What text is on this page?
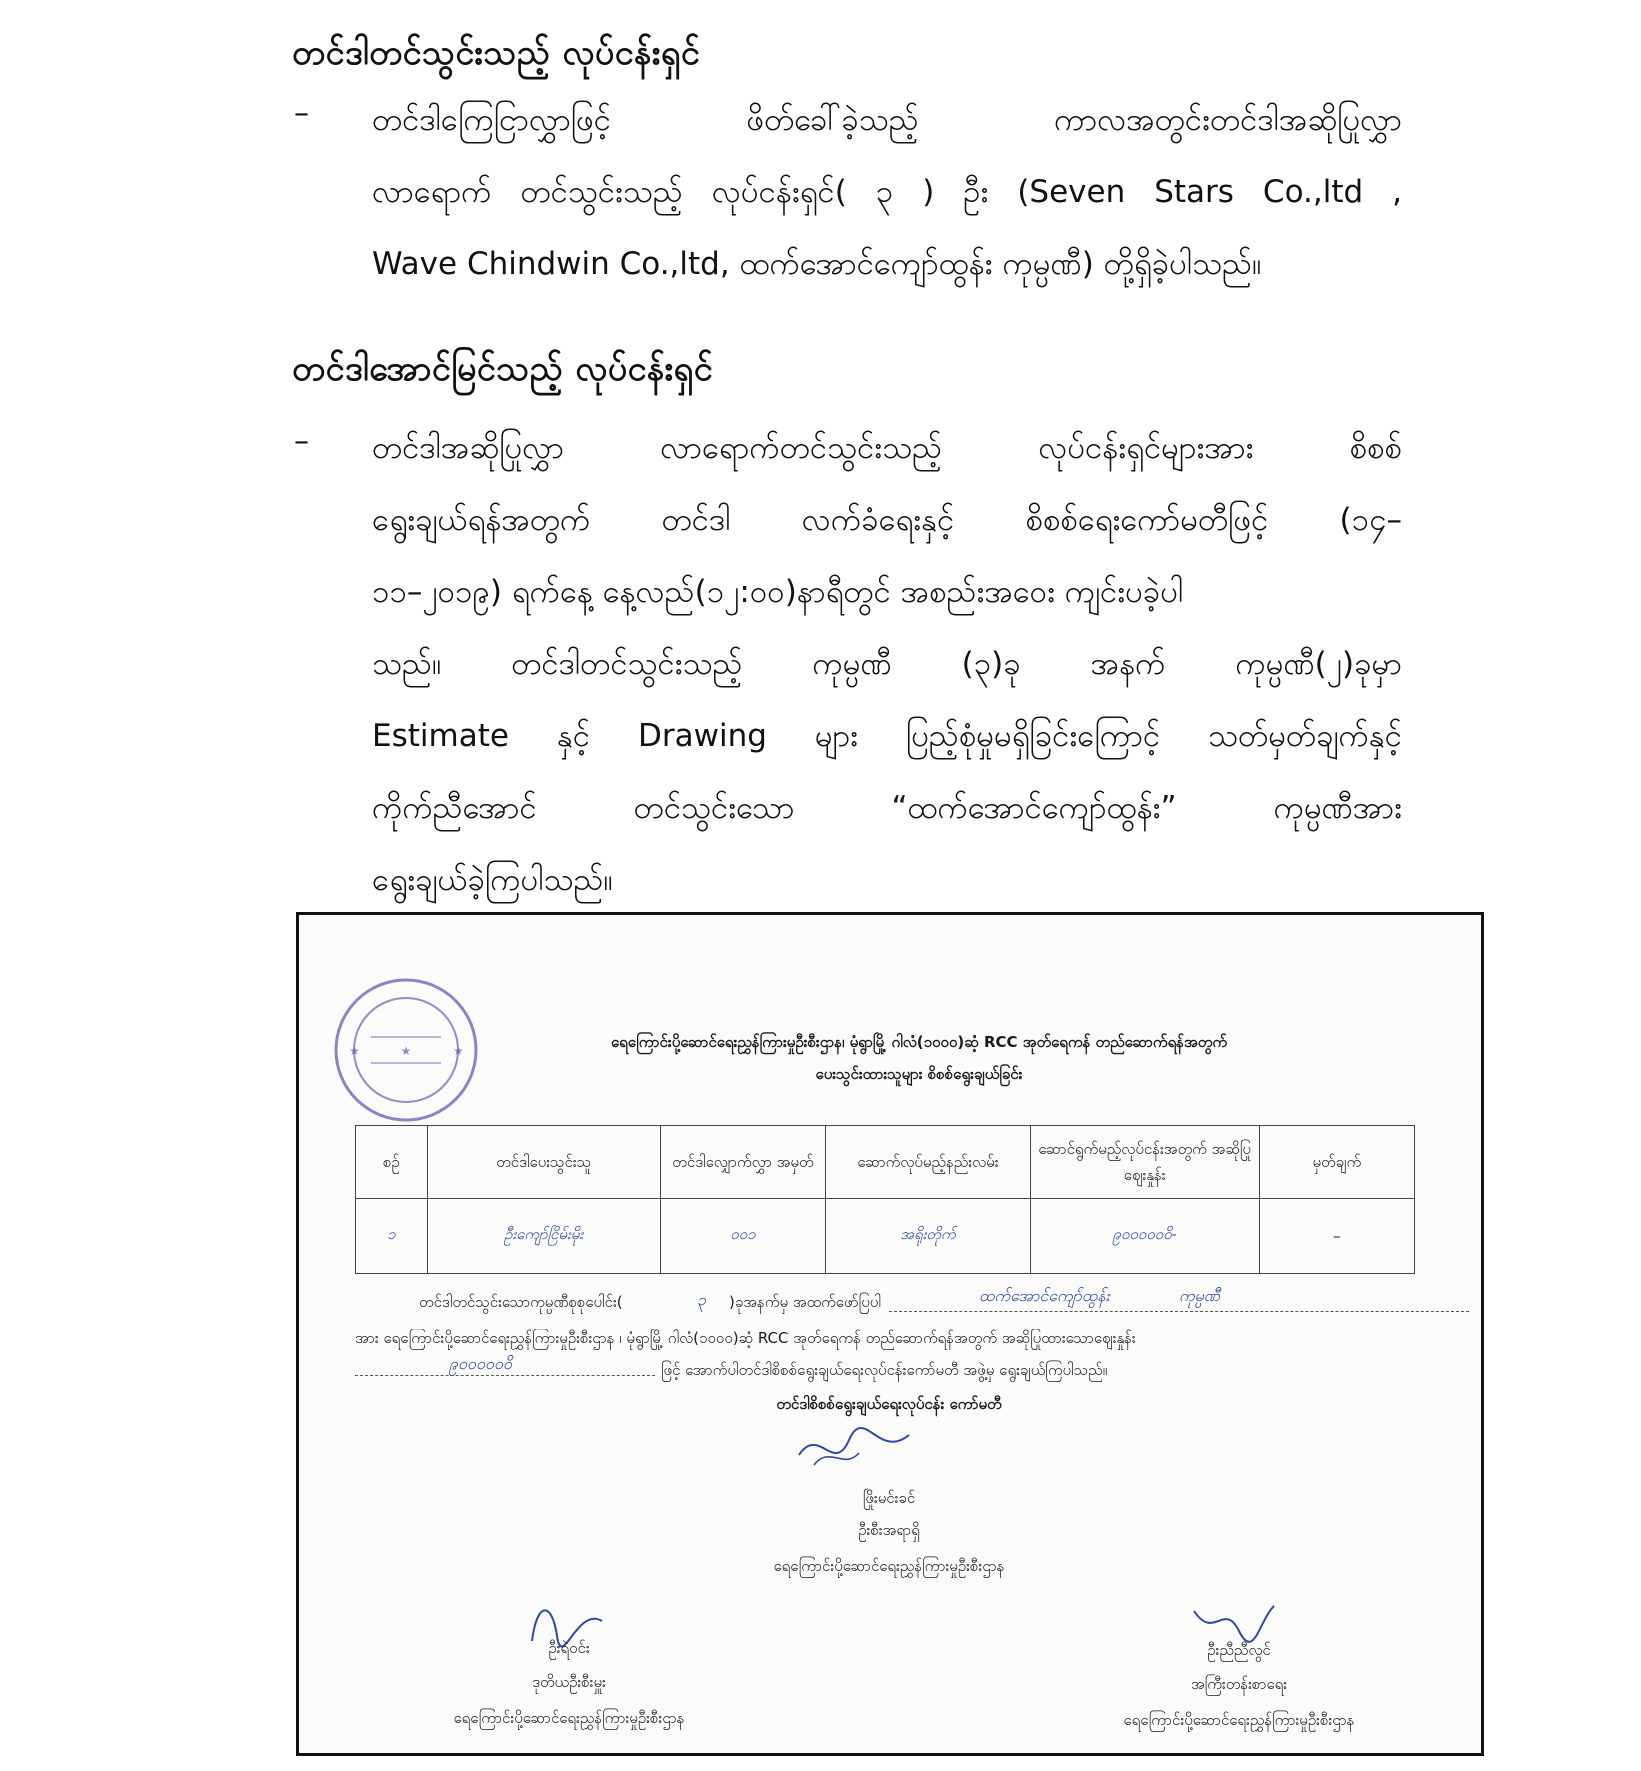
တင်ဒါတင်သွင်းသည့် လုပ်ငန်းရှင်
– တင်ဒါကြေငြာလွှာဖြင့် ဖိတ်ခေါ်ခဲ့သည့် ကာလအတွင်းတင်ဒါအဆိုပြုလွှာ
လာရောက် တင်သွင်းသည့် လုပ်ငန်းရှင်( ၃ ) ဦး (Seven Stars Co.,ltd ,
Wave Chindwin Co.,ltd, ထက်အောင်ကျော်ထွန်း ကုမ္ပဏီ) တို့ရှိခဲ့ပါသည်။
တင်ဒါအောင်မြင်သည့် လုပ်ငန်းရှင်
– တင်ဒါအဆိုပြုလွှာ လာရောက်တင်သွင်းသည့် လုပ်ငန်းရှင်များအား စိစစ်
ရွေးချယ်ရန်အတွက် တင်ဒါ လက်ခံရေးနှင့် စိစစ်ရေးကော်မတီဖြင့် (၁၄–
၁၁–၂၀၁၉) ရက်နေ့ နေ့လည်(၁၂:၀၀)နာရီတွင် အစည်းအဝေး ကျင်းပခဲ့ပါ
သည်။ တင်ဒါတင်သွင်းသည့် ကုမ္ပဏီ (၃)ခု အနက် ကုမ္ပဏီ(၂)ခုမှာ
Estimate နှင့် Drawing များ ပြည့်စုံမှုမရှိခြင်းကြောင့် သတ်မှတ်ချက်နှင့်
ကိုက်ညီအောင် တင်သွင်းသော “ထက်အောင်ကျော်ထွန်း” ကုမ္ပဏီအား
ရွေးချယ်ခဲ့ကြပါသည်။
★
★	★	ရေကြောင်းပို့ဆောင်ရေးညွှန်ကြားမှုဦးစီးဌာန၊ မုံရွာမြို့ ဂါလံ(၁၀၀၀)ဆံ့ RCC အုတ်ရေကန် တည်ဆောက်ရန်အတွက်
ပေးသွင်းထားသူများ စိစစ်ရွေးချယ်ခြင်း
စဉ်	တင်ဒါပေးသွင်းသူ	တင်ဒါလျှောက်လွှာ အမှတ်	ဆောက်လုပ်မည့်နည်းလမ်း	ဆောင်ရွက်မည့်လုပ်ငန်းအတွက် အဆိုပြုဈေးနှုန်း	မှတ်ချက်
၁	ဦးကျော်ငြိမ်းမိုး	၀၀၁	အရိုးတိုက်	၉၀၀၀၀၀၀ိ-	–
တင်ဒါတင်သွင်းသောကုမ္ပဏီစုစုပေါင်း(	၃ )ခုအနက်မှ အထက်ဖော်ပြပါ	ထက်အောင်ကျော်ထွန်း	ကုမ္ပဏီ
အား ရေကြောင်းပို့ဆောင်ရေးညွှန်ကြားမှုဦးစီးဌာန ၊ မုံရွာမြို့ ဂါလံ(၁၀၀၀)ဆံ့ RCC အုတ်ရေကန် တည်ဆောက်ရန်အတွက် အဆိုပြုထားသောဈေးနှုန်း
၉၀၀၀၀၀၀ိ	ဖြင့် အောက်ပါတင်ဒါစိစစ်ရွေးချယ်ရေးလုပ်ငန်းကော်မတီ အဖွဲ့မှ ရွေးချယ်ကြပါသည်။
တင်ဒါစိစစ်ရွေးချယ်ရေးလုပ်ငန်း ကော်မတီ
ဖြိုးမင်းခင်
ဦးစီးအရာရှိ
ရေကြောင်းပို့ဆောင်ရေးညွှန်ကြားမှုဦးစီးဌာန
ဦးရဲဝင်း
ဒုတိယဦးစီးမှူး
ရေကြောင်းပို့ဆောင်ရေးညွှန်ကြားမှုဦးစီးဌာန
ဦးညီညီလွင်
အကြီးတန်းစာရေး
ရေကြောင်းပို့ဆောင်ရေးညွှန်ကြားမှုဦးစီးဌာန
